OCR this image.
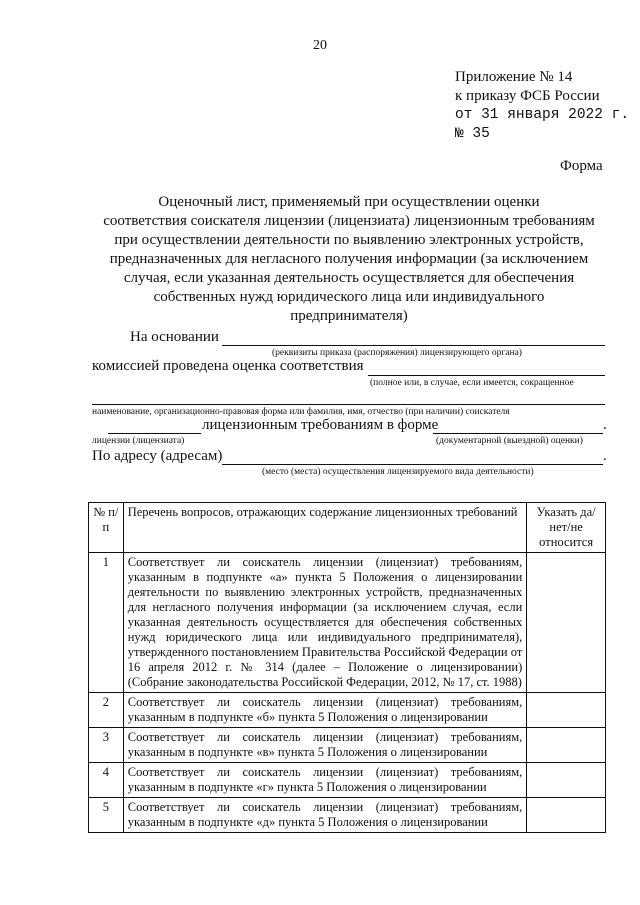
20
Приложение № 14
к приказу ФСБ России
от 31 января 2022 г.
№ 35
Форма
Оценочный лист, применяемый при осуществлении оценки
соответствия соискателя лицензии (лицензиата) лицензионным требованиям
при осуществлении деятельности по выявлению электронных устройств,
предназначенных для негласного получения информации (за исключением
случая, если указанная деятельность осуществляется для обеспечения
собственных нужд юридического лица или индивидуального
предпринимателя)
На основании
(реквизиты приказа (распоряжения) лицензирующего органа)
комиссией проведена оценка соответствия
(полное или, в случае, если имеется, сокращенное
наименование, организационно-правовая форма или фамилия, имя, отчество (при наличии) соискателя
лицензионным требованиям в форме	.
лицензии (лицензиата)	(документарной (выездной) оценки)
По адресу (адресам)	.
(место (места) осуществления лицензируемого вида деятельности)
№ п/п	Перечень вопросов, отражающих содержание лицензионных требований	Указать да/нет/не относится
1	Соответствует ли соискатель лицензии (лицензиат) требованиям, указанным в подпункте «а» пункта 5 Положения о лицензировании деятельности по выявлению электронных устройств, предназначенных для негласного получения информации (за исключением случая, если указанная деятельность осуществляется для обеспечения собственных нужд юридического лица или индивидуального предпринимателя), утвержденного постановлением Правительства Российской Федерации от 16 апреля 2012 г. № 314 (далее – Положение о лицензировании) (Собрание законодательства Российской Федерации, 2012, № 17, ст. 1988)	
2	Соответствует ли соискатель лицензии (лицензиат) требованиям, указанным в подпункте «б» пункта 5 Положения о лицензировании	
3	Соответствует ли соискатель лицензии (лицензиат) требованиям, указанным в подпункте «в» пункта 5 Положения о лицензировании	
4	Соответствует ли соискатель лицензии (лицензиат) требованиям, указанным в подпункте «г» пункта 5 Положения о лицензировании	
5	Соответствует ли соискатель лицензии (лицензиат) требованиям, указанным в подпункте «д» пункта 5 Положения о лицензировании	
